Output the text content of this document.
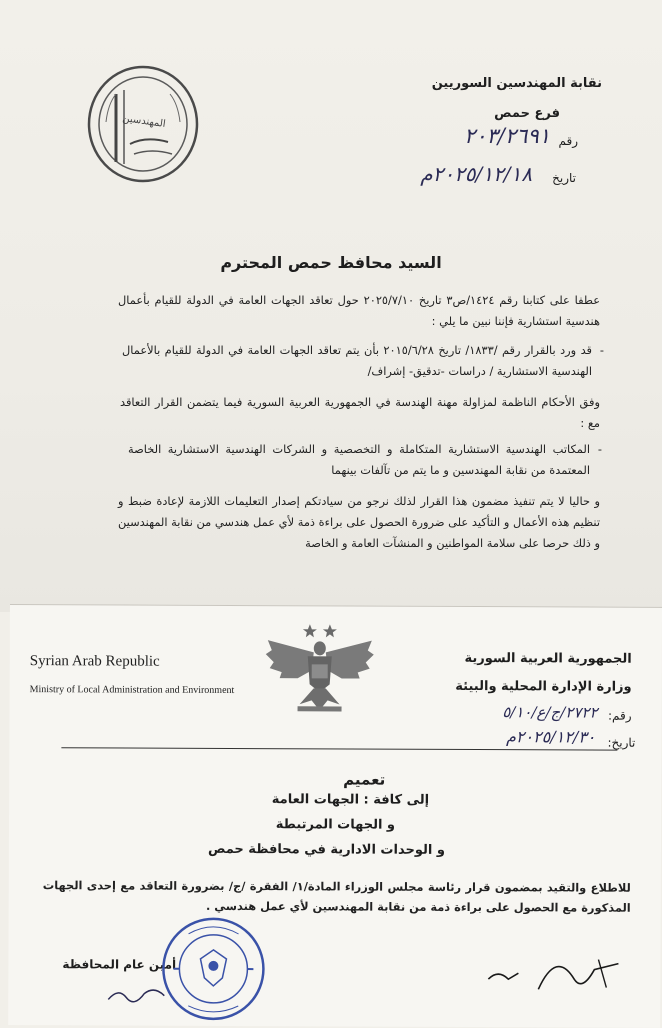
المهندسين
نقابة المهندسين السوريين
فرع حمص
رقم
٢٠٣/٢٦٩١
تاريخ
٢٠٢٥/١٢/١٨م
السيد محافظ حمص المحترم
عطفا على كتابنا رقم ١٤٢٤/ص٣ تاريخ ٢٠٢٥/٧/١٠ حول تعاقد الجهات العامة في الدولة للقيام بأعمال هندسية استشارية فإننا نبين ما يلي :
قد ورد بالقرار رقم /١٨٣٣/ تاريخ ٢٠١٥/٦/٢٨ بأن يتم تعاقد الجهات العامة في الدولة للقيام بالأعمال الهندسية الاستشارية / دراسات -تدقيق- إشراف/ -
وفق الأحكام الناظمة لمزاولة مهنة الهندسة في الجمهورية العربية السورية فيما يتضمن القرار التعاقد مع :
المكاتب الهندسية الاستشارية المتكاملة و التخصصية و الشركات الهندسية الاستشارية الخاصة المعتمدة من نقابة المهندسين و ما يتم من تآلفات بينهما -
و حاليا لا يتم تنفيذ مضمون هذا القرار لذلك نرجو من سيادتكم إصدار التعليمات اللازمة لإعادة ضبط و تنظيم هذه الأعمال و التأكيد على ضرورة الحصول على براءة ذمة لأي عمل هندسي من نقابة المهندسين و ذلك حرصا على سلامة المواطنين و المنشآت العامة و الخاصة
Syrian Arab Republic
Ministry of Local Administration and Environment
الجمهورية العربية السورية
وزارة الإدارة المحلية والبيئة
رقم:
٢٧٢٢/ج/ع/٥/١٠
تاريخ:
٢٠٢٥/١٢/٣٠م
تعميم
إلى كافة : الجهات العامة
و الجهات المرتبطة
و الوحدات الادارية في محافظة حمص
للاطلاع والتقيد بمضمون قرار رئاسة مجلس الوزراء المادة/١/ الفقرة /ج/ بضرورة التعاقد مع إحدى الجهات المذكورة مع الحصول على براءة ذمة من نقابة المهندسين لأي عمل هندسي .
أمين عام المحافظة
